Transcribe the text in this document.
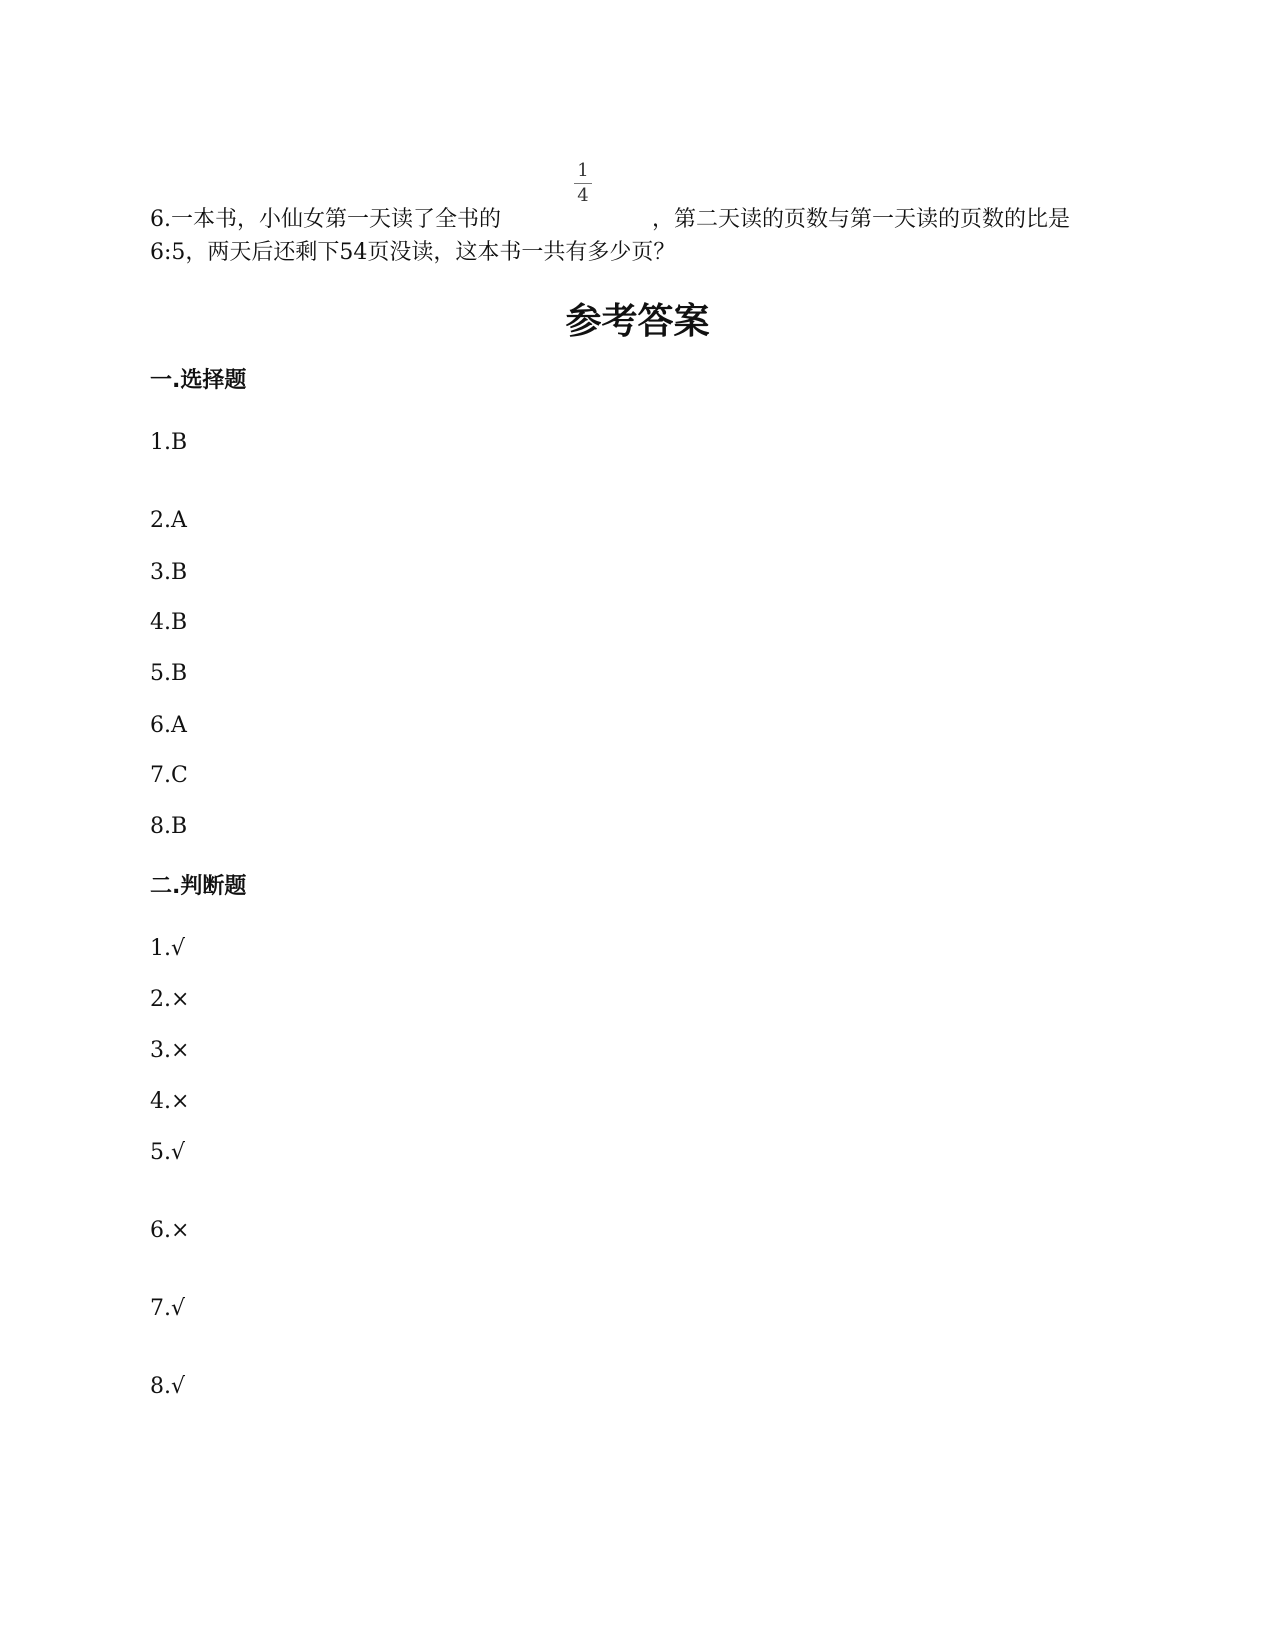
6.一本书，小仙女第一天读了全书的
1
4
，第二天读的页数与第一天读的页数的比是
6:5，两天后还剩下54页没读，这本书一共有多少页？
参考答案
一.选择题
1.B
2.A
3.B
4.B
5.B
6.A
7.C
8.B
二.判断题
1.√
2.×
3.×
4.×
5.√
6.×
7.√
8.√
